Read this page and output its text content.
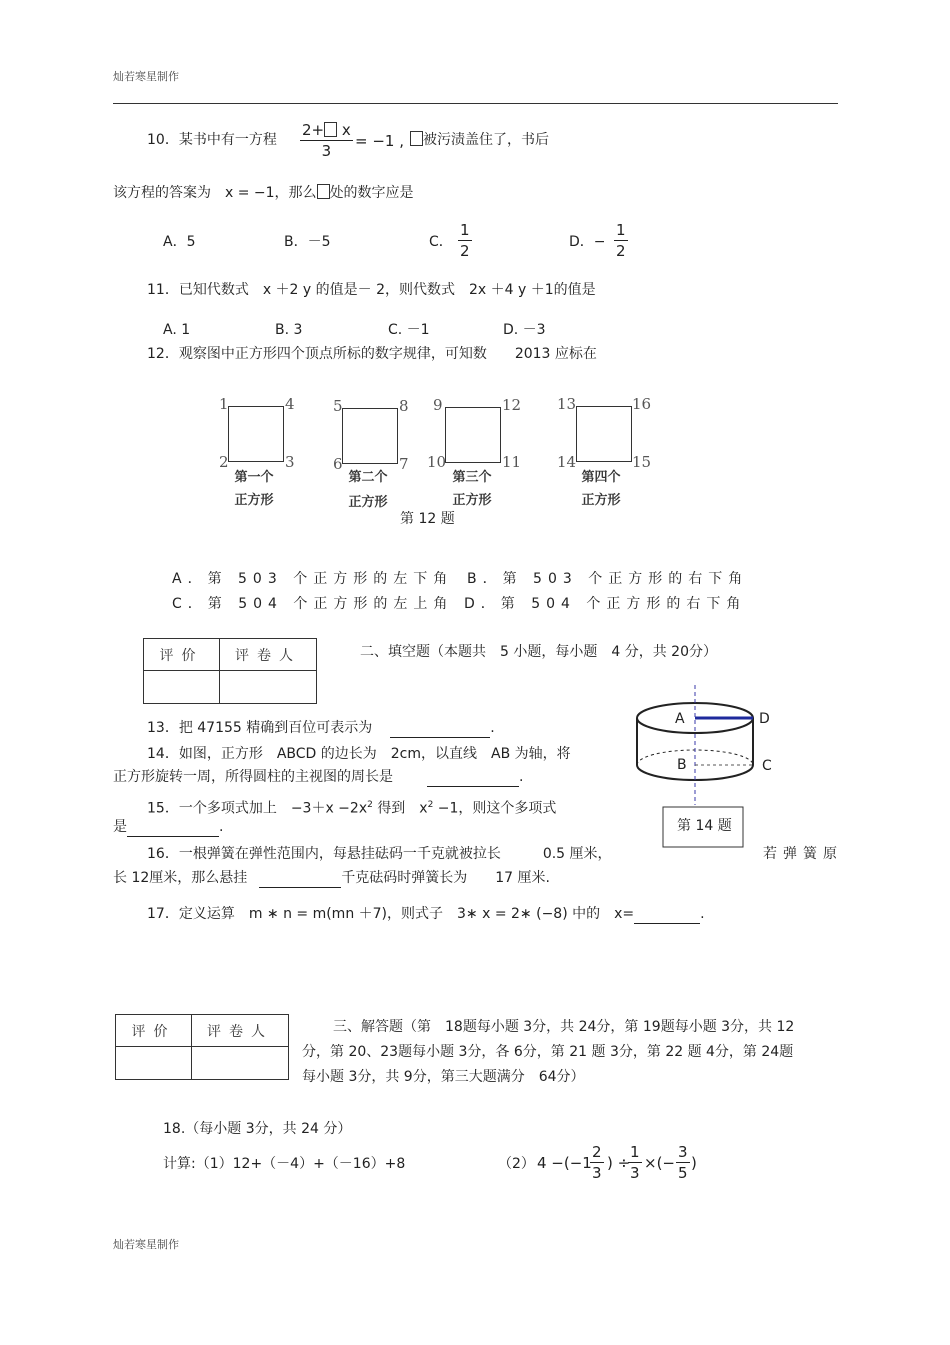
灿若寒星制作
10．某书中有一方程 $\frac{2+ x}{3} = -1$ ,	被污渍盖住了，书后
该方程的答案为　x = −1，那么 处的数字应是
A．5	B．－5	C． $\frac{1}{2}$	D．− $\frac{1}{2}$
11．已知代数式　x ＋2 y 的值是－ 2，则代数式　2x ＋4 y ＋1的值是
A. 1	B. 3	C. －1	D. －3
12．观察图中正方形四个顶点所标的数字规律，可知数　　2013 应标在
1	4
2	3
第一个
正方形
5	8
6	7
第二个
正方形
9	12
10	11
第三个
正方形
13	16
14	15
第四个
正方形
第 12 题
A．第 503 个正方形的左下角 B．第 503 个正方形的右下角
C．第 504 个正方形的左上角 D．第 504 个正方形的右下角
评价	评卷人
		二、填空题（本题共　5 小题，每小题　4 分，共 20分）
13．把 47155 精确到百位可表示为	.
14．如图，正方形　ABCD 的边长为　2cm，以直线　AB 为轴，将
正方形旋转一周，所得圆柱的主视图的周长是	.
A	D
B	C
第 14 题
15．一个多项式加上　$-3+x -2x^2$ 得到　$x^2 -1$，则这个多项式
是	.
16．一根弹簧在弹性范围内，每悬挂砝码一千克就被拉长　　　0.5 厘米，	若弹簧原
长 12厘米，那么悬挂	千克砝码时弹簧长为　　17 厘米.
17．定义运算　m ∗ n = m(mn ＋7)，则式子　3∗ x = 2∗ (−8) 中的　x=	.
评价	评卷人
		三、解答题（第　18题每小题 3分，共 24分，第 19题每小题 3分，共 12
分，第 20、23题每小题 3分，各 6分，第 21 题 3分，第 22 题 4分，第 24题
每小题 3分，共 9分，第三大题满分　64分）
18.（每小题 3分，共 24 分）
计算:（1）12+（－4）+（－16）+8	（2） 4 −(−1
$\frac{2}{3}$ ) ÷
$\frac{1}{3}$ ×(− $\frac{3}{5}$ )
灿若寒星制作
